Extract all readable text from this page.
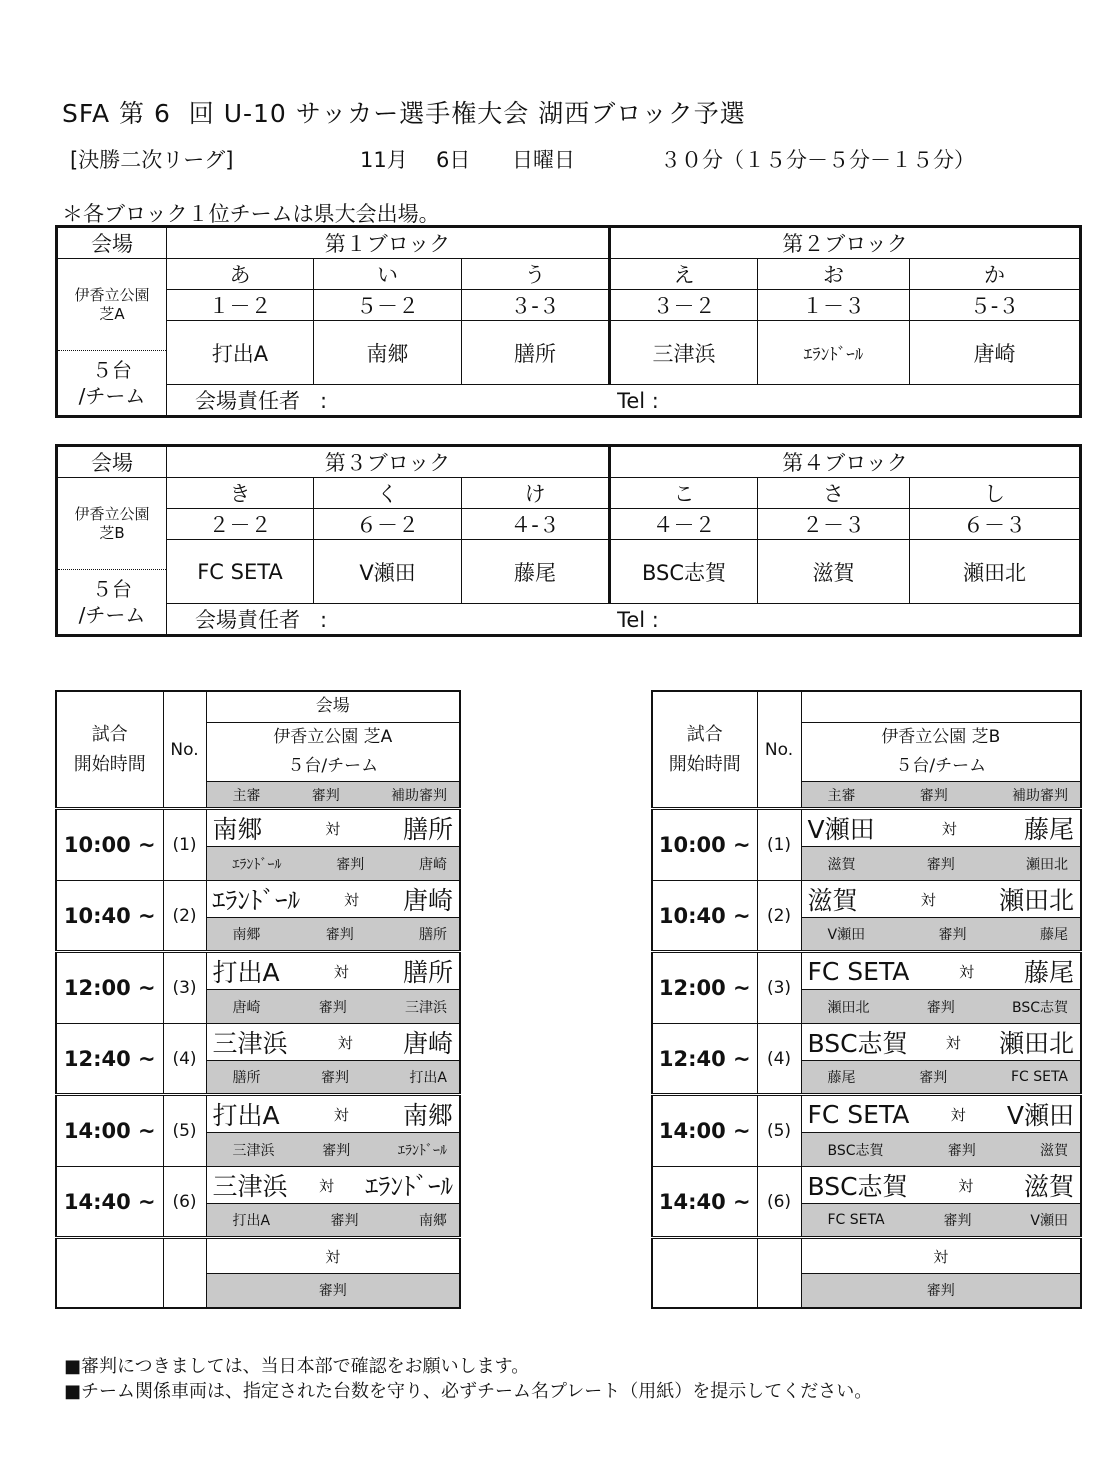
SFA 第 6  回 U-10 サッカー選手権大会 湖西ブロック予選
[決勝二次リーグ]	11月 6日 日曜日	３０分（１５分－５分－１５分）
＊各ブロック１位チームは県大会出場。
会場	第１ブロック			第２ブロック		

伊香立公園
芝A	あ	い	う	え	お	か
	１－２	５－２	３-３	３－２	１－３	５-３
	打出A	南郷	膳所	三津浜	ｴﾗﾝﾄﾞｰﾙ	唐崎

５台
/チーム						

	会場責任者 : Tel :					
会場	第３ブロック			第４ブロック		

伊香立公園
芝B	き	く	け	こ	さ	し
	２－２	６－２	４-３	４－２	２－３	６－３
	FC SETA	V瀬田	藤尾	BSC志賀	滋賀	瀬田北

５台
/チーム						

	会場責任者 : Tel :					
試合
開始時間	No.	会場
		伊香立公園 芝A
		５台/チーム

		主審 審判 補助審判

10:00 ~	(1)	南郷 対 膳所

		ｴﾗﾝﾄﾞｰﾙ 審判 唐崎

10:40 ~	(2)	ｴﾗﾝﾄﾞｰﾙ 対 唐崎

		南郷 審判 膳所

12:00 ~	(3)	打出A 対 膳所

		唐崎 審判 三津浜

12:40 ~	(4)	三津浜 対 唐崎

		膳所 審判 打出A

14:00 ~	(5)	打出A 対 南郷

		三津浜 審判 ｴﾗﾝﾄﾞｰﾙ

14:40 ~	(6)	三津浜 対 ｴﾗﾝﾄﾞｰﾙ

		打出A 審判 南郷

		対
		審判
試合
開始時間	No.	
		伊香立公園 芝B
		５台/チーム

		主審 審判 補助審判

10:00 ~	(1)	V瀬田 対 藤尾

		滋賀 審判 瀬田北

10:40 ~	(2)	滋賀 対 瀬田北

		V瀬田 審判 藤尾

12:00 ~	(3)	FC SETA 対 藤尾

		瀬田北 審判 BSC志賀

12:40 ~	(4)	BSC志賀 対 瀬田北

		藤尾 審判 FC SETA

14:00 ~	(5)	FC SETA 対 V瀬田

		BSC志賀 審判 滋賀

14:40 ~	(6)	BSC志賀 対 滋賀

		FC SETA 審判 V瀬田

		対
		審判
■審判につきましては、当日本部で確認をお願いします。
■チーム関係車両は、指定された台数を守り、必ずチーム名プレート（用紙）を提示してください。
